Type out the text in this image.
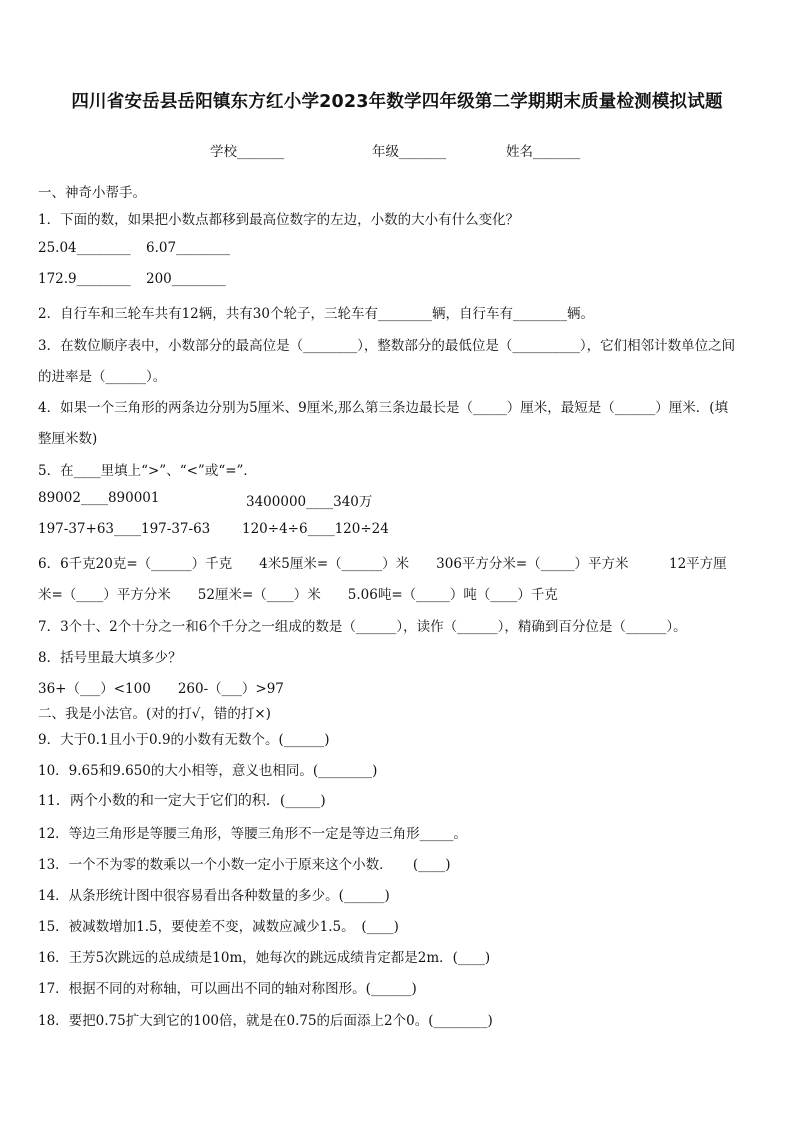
四川省安岳县岳阳镇东方红小学2023年数学四年级第二学期期末质量检测模拟试题
学校_______	年级_______	姓名_______
一、神奇小帮手。
1．下面的数，如果把小数点都移到最高位数字的左边，小数的大小有什么变化？
25.04________ 6.07________
172.9________ 200________
2．自行车和三轮车共有12辆，共有30个轮子，三轮车有________辆，自行车有________辆。
3．在数位顺序表中，小数部分的最高位是（________），整数部分的最低位是（__________），它们相邻计数单位之间
的进率是（______）。
4．如果一个三角形的两条边分别为5厘米、9厘米,那么第三条边最长是（_____）厘米，最短是（______）厘米．(填
整厘米数)
5．在____里填上“>”、“<”或“=”．
89002____890001	3400000____340万
197-37+63____197-37-63 120÷4÷6____120÷24
6．6千克20克=（______）千克　　4米5厘米=（______）米　　306平方分米=（_____）平方米　　　12平方厘
米=（____）平方分米　　52厘米=（____）米　　5.06吨=（_____）吨（____）千克
7．3个十、2个十分之一和6个千分之一组成的数是（______），读作（______），精确到百分位是（______）。
8．括号里最大填多少？
36+（___）<100　　260-（___）>97
二、我是小法官。(对的打√，错的打×)
9．大于0.1且小于0.9的小数有无数个。(______)
10．9.65和9.650的大小相等，意义也相同。(________)
11．两个小数的和一定大于它们的积．(_____)
12．等边三角形是等腰三角形，等腰三角形不一定是等边三角形_____。
13．一个不为零的数乘以一个小数一定小于原来这个小数．　　(____)
14．从条形统计图中很容易看出各种数量的多少。(______)
15．被减数增加1.5，要使差不变，减数应减少1.5。　(____)
16．王芳5次跳远的总成绩是10m，她每次的跳远成绩肯定都是2m．(____)
17．根据不同的对称轴，可以画出不同的轴对称图形。(______)
18．要把0.75扩大到它的100倍，就是在0.75的后面添上2个0。(________)
